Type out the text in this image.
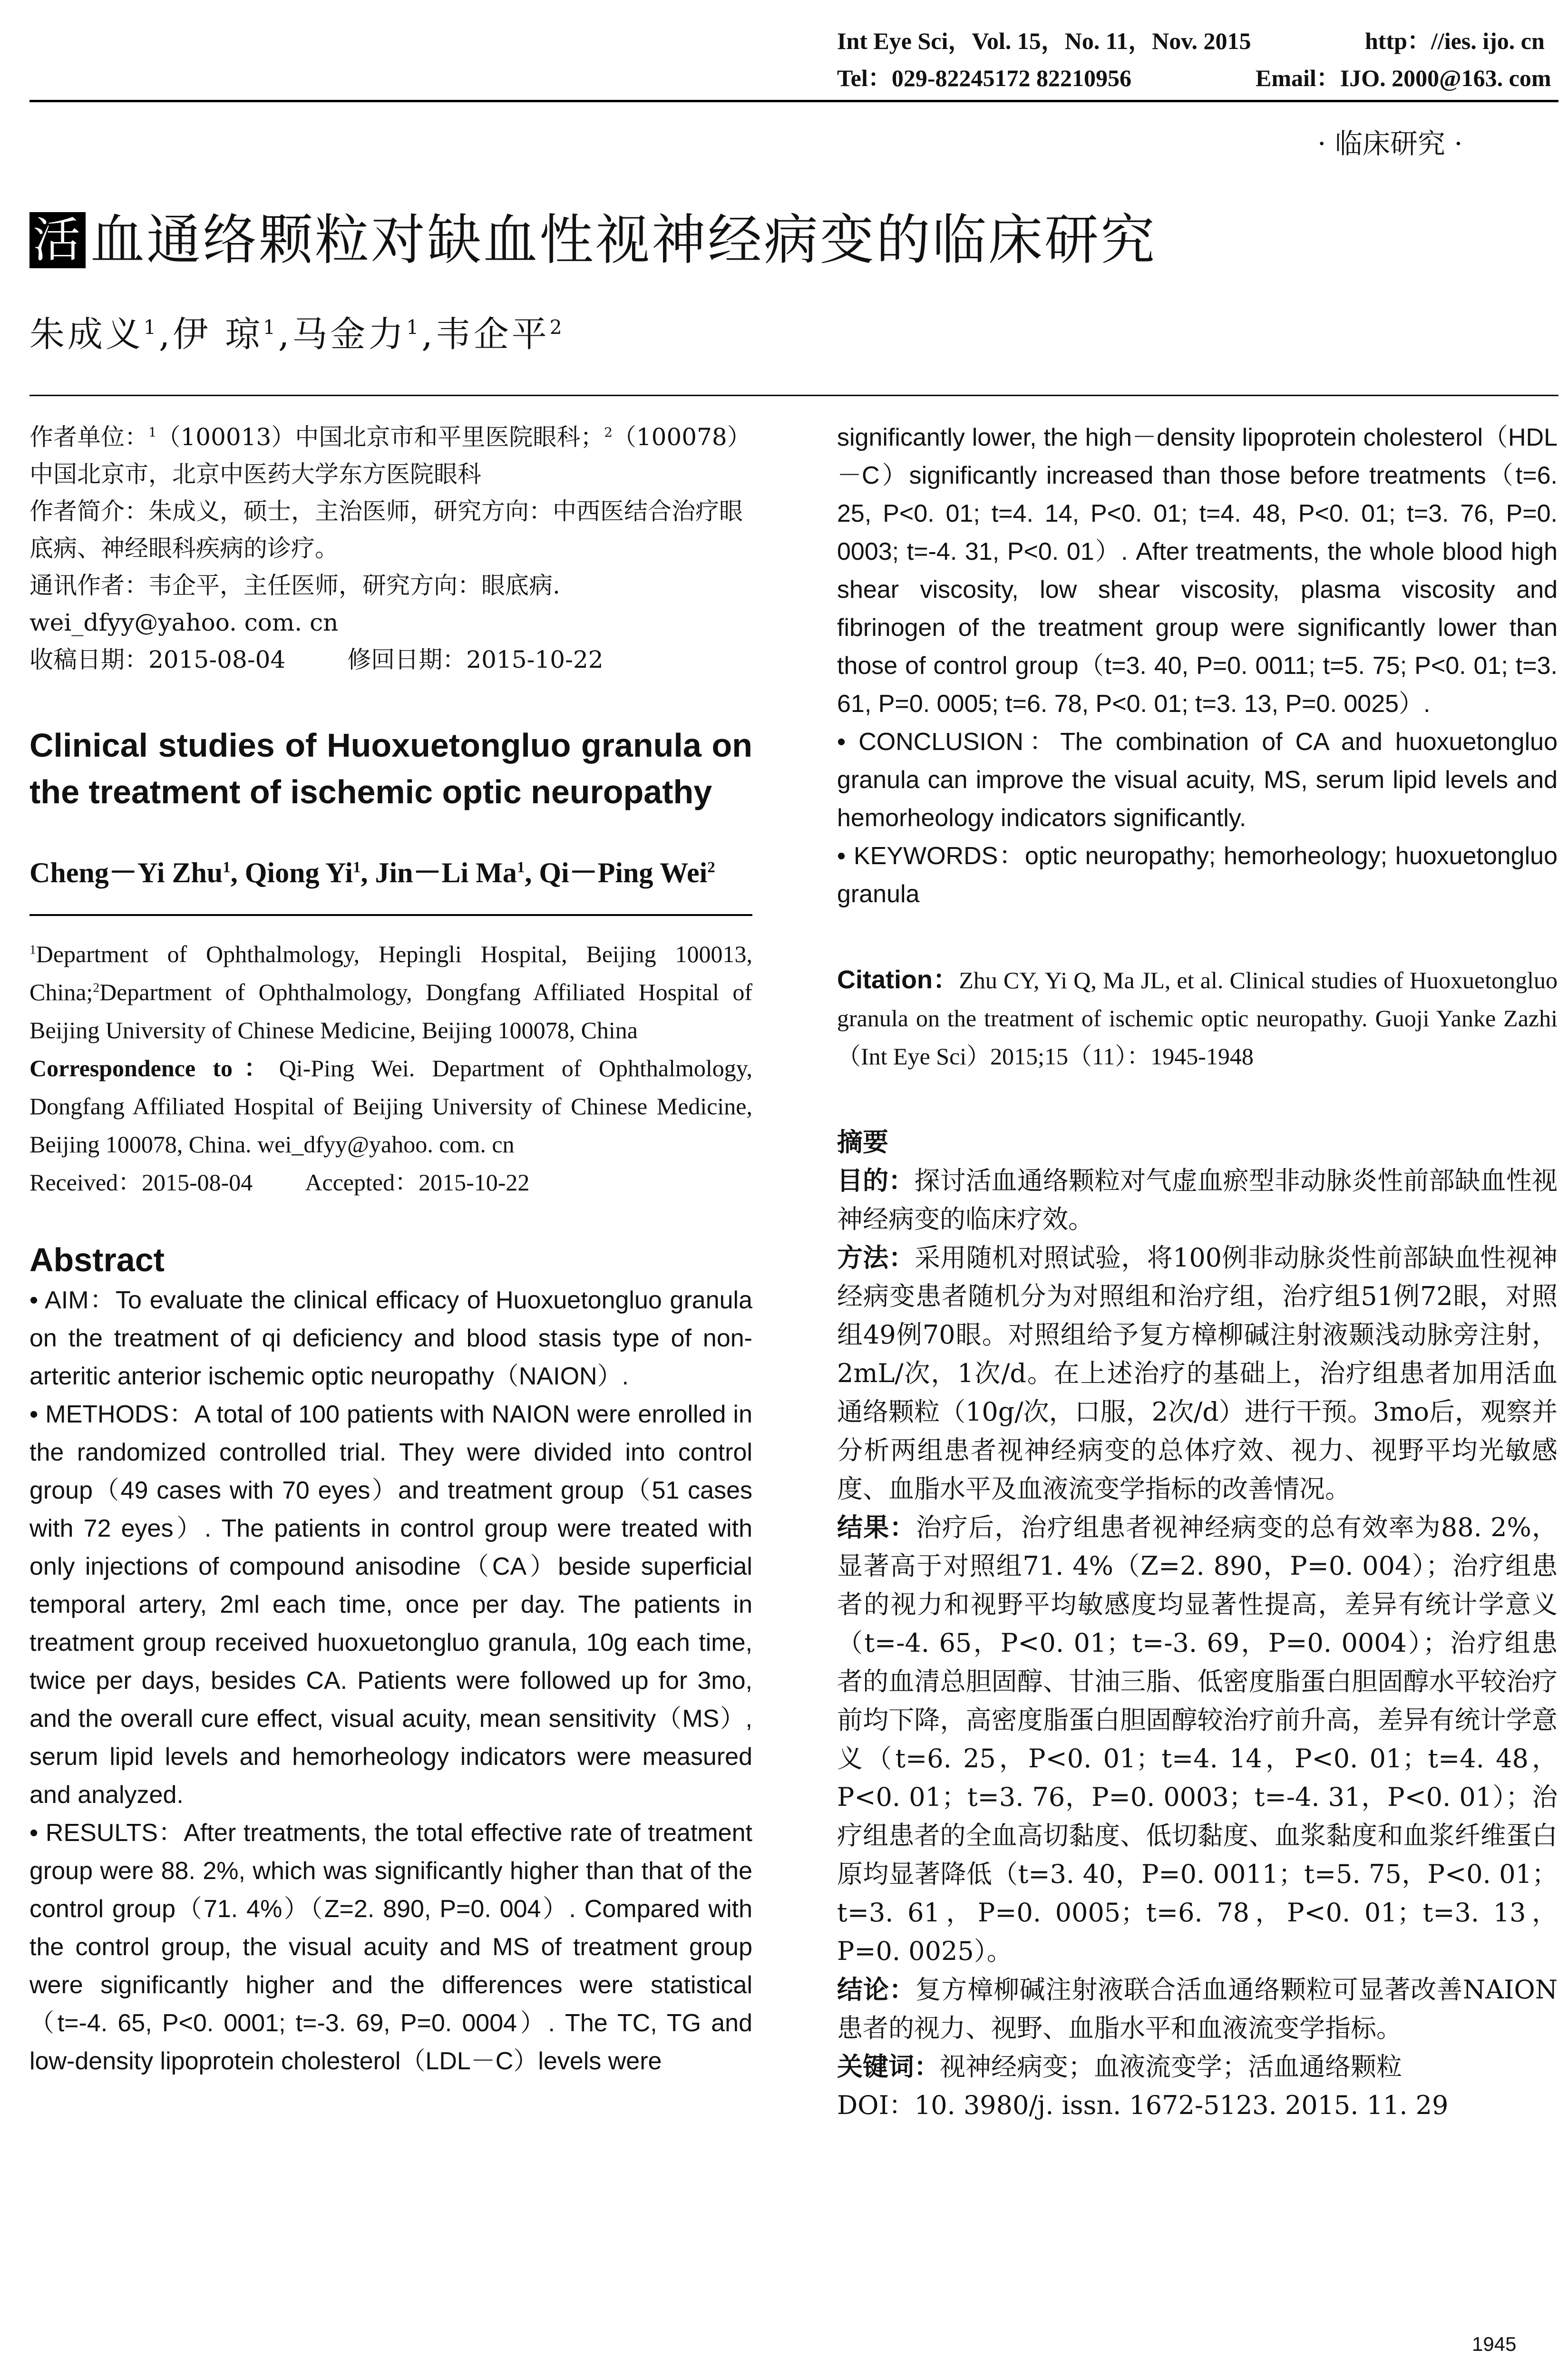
Int Eye Sci，Vol. 15，No. 11，Nov. 2015	http：//ies. ijo. cn
Tel：029-82245172 82210956	Email：IJO. 2000@163. com
· 临床研究 ·
活 血通络颗粒对缺血性视神经病变的临床研究
朱成义$^1$,伊 琼$^1$,马金力$^1$,韦企平$^2$

作者单位：$^1$（100013）中国北京市和平里医院眼科；$^2$（100078）中国北京市，北京中医药大学东方医院眼科

作者简介：朱成义，硕士，主治医师，研究方向：中西医结合治疗眼底病、神经眼科疾病的诊疗。

通讯作者：韦企平，主任医师，研究方向：眼底病. wei_dfyy@yahoo. com. cn

收稿日期：2015-08-04	修回日期：2015-10-22

Clinical studies of Huoxuetongluo granula on the treatment of ischemic optic neuropathy
Cheng－Yi Zhu$^1$, Qiong Yi$^1$, Jin－Li Ma$^1$, Qi－Ping Wei$^2$

$^1$Department of Ophthalmology, Hepingli Hospital, Beijing 100013, China;$^2$Department of Ophthalmology, Dongfang Affiliated Hospital of Beijing University of Chinese Medicine, Beijing 100078, China

Correspondence to：Qi-Ping Wei. Department of Ophthalmology, Dongfang Affiliated Hospital of Beijing University of Chinese Medicine, Beijing 100078, China. wei_dfyy@yahoo. com. cn

Received：2015-08-04 Accepted：2015-10-22

Abstract

• AIM：To evaluate the clinical efficacy of Huoxuetongluo granula on the treatment of qi deficiency and blood stasis type of non-arteritic anterior ischemic optic neuropathy（NAION）.

• METHODS：A total of 100 patients with NAION were enrolled in the randomized controlled trial. They were divided into control group（49 cases with 70 eyes）and treatment group（51 cases with 72 eyes）. The patients in control group were treated with only injections of compound anisodine（CA）beside superficial temporal artery, 2ml each time, once per day. The patients in treatment group received huoxuetongluo granula, 10g each time, twice per days, besides CA. Patients were followed up for 3mo, and the overall cure effect, visual acuity, mean sensitivity（MS）, serum lipid levels and hemorheology indicators were measured and analyzed.

• RESULTS：After treatments, the total effective rate of treatment group were 88. 2%, which was significantly higher than that of the control group（71. 4%）（Z=2. 890, P=0. 004）. Compared with the control group, the visual acuity and MS of treatment group were significantly higher and the differences were statistical（t=-4. 65, P<0. 0001; t=-3. 69, P=0. 0004）. The TC, TG and low-density lipoprotein cholesterol（LDL－C）levels were

significantly lower, the high－density lipoprotein cholesterol（HDL－C）significantly increased than those before treatments（t=6. 25, P<0. 01; t=4. 14, P<0. 01; t=4. 48, P<0. 01; t=3. 76, P=0. 0003; t=-4. 31, P<0. 01）. After treatments, the whole blood high shear viscosity, low shear viscosity, plasma viscosity and fibrinogen of the treatment group were significantly lower than those of control group（t=3. 40, P=0. 0011; t=5. 75; P<0. 01; t=3. 61, P=0. 0005; t=6. 78, P<0. 01; t=3. 13, P=0. 0025）.

• CONCLUSION：The combination of CA and huoxuetongluo granula can improve the visual acuity, MS, serum lipid levels and hemorheology indicators significantly.

• KEYWORDS：optic neuropathy; hemorheology; huoxuetongluo granula

Citation：Zhu CY, Yi Q, Ma JL, et al. Clinical studies of Huoxuetongluo granula on the treatment of ischemic optic neuropathy. Guoji Yanke Zazhi（Int Eye Sci）2015;15（11）：1945-1948

摘要

目的：探讨活血通络颗粒对气虚血瘀型非动脉炎性前部缺血性视神经病变的临床疗效。

方法：采用随机对照试验，将100例非动脉炎性前部缺血性视神经病变患者随机分为对照组和治疗组，治疗组51例72眼，对照组49例70眼。对照组给予复方樟柳碱注射液颞浅动脉旁注射，2mL/次，1次/d。在上述治疗的基础上，治疗组患者加用活血通络颗粒（10g/次，口服，2次/d）进行干预。3mo后，观察并分析两组患者视神经病变的总体疗效、视力、视野平均光敏感度、血脂水平及血液流变学指标的改善情况。

结果：治疗后，治疗组患者视神经病变的总有效率为88. 2%，显著高于对照组71. 4%（Z=2. 890，P=0. 004）；治疗组患者的视力和视野平均敏感度均显著性提高，差异有统计学意义（t=-4. 65，P<0. 01；t=-3. 69，P=0. 0004）；治疗组患者的血清总胆固醇、甘油三脂、低密度脂蛋白胆固醇水平较治疗前均下降，高密度脂蛋白胆固醇较治疗前升高，差异有统计学意义（t=6. 25，P<0. 01；t=4. 14，P<0. 01；t=4. 48，P<0. 01；t=3. 76，P=0. 0003；t=-4. 31，P<0. 01）；治疗组患者的全血高切黏度、低切黏度、血浆黏度和血浆纤维蛋白原均显著降低（t=3. 40，P=0. 0011；t=5. 75，P<0. 01；t=3. 61，P=0. 0005；t=6. 78，P<0. 01；t=3. 13，P=0. 0025）。

结论：复方樟柳碱注射液联合活血通络颗粒可显著改善NAION患者的视力、视野、血脂水平和血液流变学指标。

关键词：视神经病变；血液流变学；活血通络颗粒

DOI：10. 3980/j. issn. 1672-5123. 2015. 11. 29

1945
